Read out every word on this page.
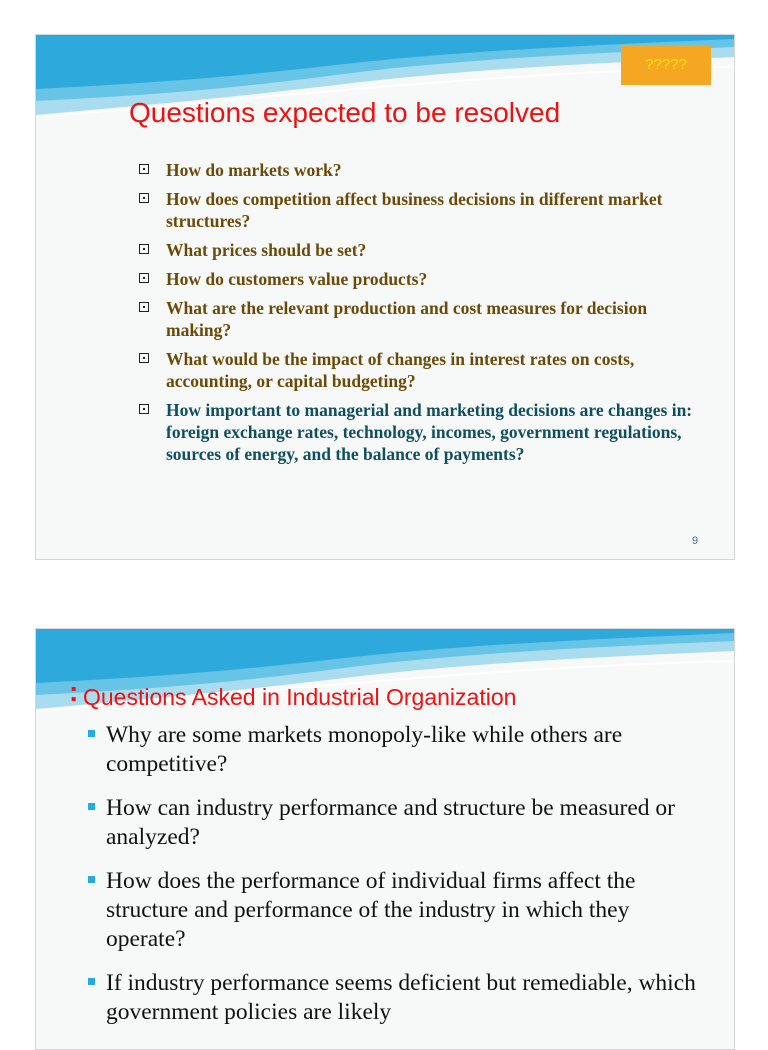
?????
Questions expected to be resolved
How do markets work?
How does competition affect business decisions in different market structures?
What prices should be set?
How do customers value products?
What are the relevant production and cost measures for decision making?
What would be the impact of changes in interest rates on costs, accounting, or capital budgeting?
How important to managerial and marketing decisions are changes in: foreign exchange rates, technology, incomes, government regulations, sources of energy, and the balance of payments?
9
: Questions Asked in Industrial Organization
Why are some markets monopoly-like while others are competitive?
How can industry performance and structure be measured or analyzed?
How does the performance of individual firms affect the structure and performance of the industry in which they operate?
If industry performance seems deficient but remediable, which government policies are likely
